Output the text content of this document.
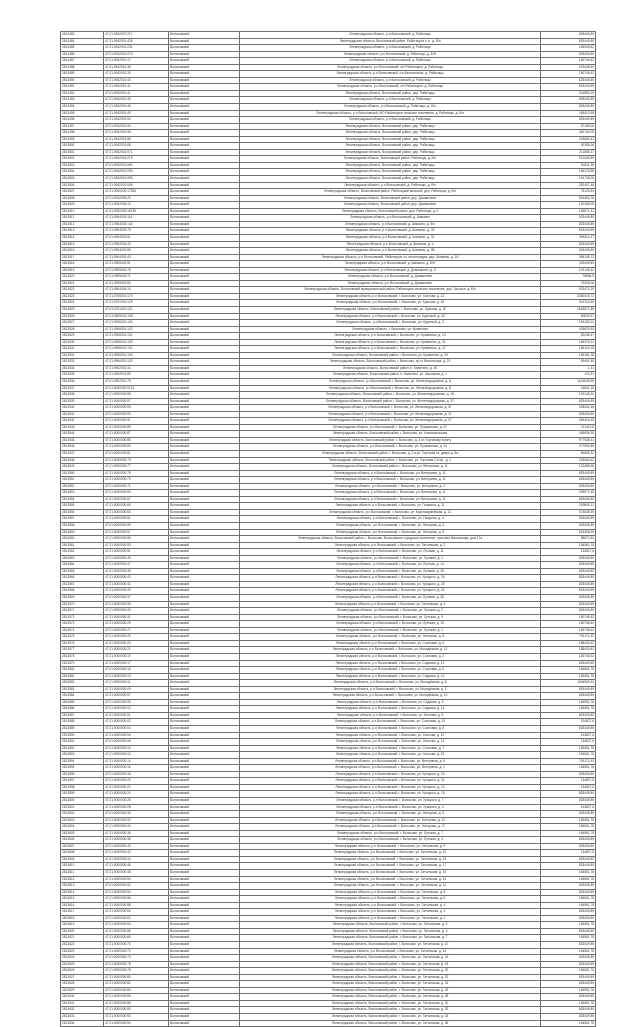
2813483	47:21:0942007:217	Волосовский	Ленинградская область, р-н Волосовский, д. Рабитицы	825449,89
2813484	47:21:0942001:426	Волосовский	Ленинградская область, Волосовский район, Рабитицкое с.п., д. Б/н	825449,89
2813485	47:21:0942001:231	Волосовский	Ленинградская область, р-н Волосовский, д. Рабитицы	186005,62
2813486	47:21:0942001:076	Волосовский	Ленинградская область, р-н Волосовский, д. Рабитицы, д. Б/Н	825449,89
2813487	47:21:0942001:17	Волосовский	Ленинградская область, р-н Волосовский, д. Рабитицы	180746,62
2813488	47:21:0942001:38	Волосовский	Ленинградская область, р-н Волосовский, с/п Рабитицкое, д. Рабитицы	423448,69
2813489	47:21:0942001:39	Волосовский	Ленинградская область, р-н Волосовский, с/п Калитинское, д. Рабитицы	180746,62
2813490	47:21:0942001:40	Волосовский	Ленинградская область, р-н Волосовский, д. Рабитицы	825449,89
2813491	47:21:0942001:41	Волосовский	Ленинградская область, р-н Волосовский, с/п Рабитицкое, д. Рабитицы	825449,89
2813492	47:21:0942001:41	Волосовский	Ленинградская область, Волосовский район, дер. Рабитицы	316850,19
2813493	47:21:0942001:45	Волосовский	Ленинградская область, р-н Волосовский, д. Рабитицы	825449,89
2813494	47:21:0942001:46	Волосовский	Ленинградская область, р-н Волосовский, д. Рабитицы, д. Б/н	825449,89
2813495	47:21:0942001:49	Волосовский	Ленинградская область, р-н Волосовский, МО Рабитицкое сельское поселение, д. Рабитицы, д. б/н	188110,58
2813496	47:21:0942001:50	Волосовский	Ленинградская область, р-н Волосовский, д. Рабитицы	825449,89
2813497	47:21:0942001:54	Волосовский	Ленинградская область, Волосовский район, дер. Рабитицы	87185,06
2813498	47:21:0942001:55	Волосовский	Ленинградская область, Волосовский район, дер. Рабитицы	481740,06
2813499	47:21:0942001:58	Волосовский	Ленинградская область, Волосовский район, дер. Рабитицы	233650,41
2813500	47:21:0942001:66	Волосовский	Ленинградская область, Волосовский район, дер. Рабитицы	90185,06
2813501	47:21:0942001:071	Волосовский	Ленинградская область, Волосовский район, дер. Рабитицы	211658,37
2813502	47:21:0942001:075	Волосовский	Ленинградская область, Волосовский район, Рабитицы, д. б/н	312449,89
2813503	47:21:0942001:080	Волосовский	Ленинградская область, Волосовский район, дер. Рабитицы	80311,36
2813504	47:21:0942001:090	Волосовский	Ленинградская область, Волосовский район, дер. Рабитицы	156178,88
2813505	47:21:0942001:095	Волосовский	Ленинградская область, Волосовский район, дер. Рабитицы	181738,05
2813506	47:21:0942001:096	Волосовский	Ленинградская область, р-н Волосовский, д. Рабитицы, д. б/н	252447,46
2813507	47:21:0000000:17283	Волосовский	Ленинградская область, Волосовский район, Рабитицкий вольный, дер. Рабитицы, д. б/н	75128,53
2813508	47:21:0942005:20	Волосовский	Ленинградская область, Волосовский район, дер. Домашнево	561463,76
2813509	47:21:0942005:10	Волосовский	Ленинградская область, Волосовский район, дер. Домашнево	100185,06
2813510	47:21:0000000:18745	Волосовский	Ленинградская область, Волосовский район, дер. Рабитицы, д. 5	184871,31
2813511	47:21:0904003:114	Волосовский	Ленинградская область, р-н Волосовский, д. Шапкино	923449,89
2813512	47:21:0904003:144	Волосовский	Ленинградская область, р-н Волосовский, д. Шапкино, д. б/н	825449,89
2813513	47:21:0904003:79	Волосовский	Ленинградская область, р-н Волосовский, д. Шапкино, д. 33	825449,89
2813514	47:21:0904003:91	Волосовский	Ленинградская область, р-н Волосовский, д. Шапкино, д. 32	368114,47
2813515	47:21:0904003:43	Волосовский	Ленинградская область, р-н Волосовский, д. Шапкино, д. 4	825449,89
2813516	47:21:0904002:88	Волосовский	Ленинградская область, р-н Волосовский, д. Шапкино, д. 98	825449,89
2813517	47:21:0904002:43	Волосовский	Ленинградская область, р-н Волосовский, Рабитицкое сп, лесопосадка, дер. Шапкино, д. 16	368135,12
2813518	47:21:0905002:91	Волосовский	Ленинградская область, р-н Волосовский, д. Шапкино, д. Б/Н	425449,89
2813519	47:21:0905002:76	Волосовский	Ленинградская область, р-н Волосовский, д. Домашнево, д. 5	102148,32
2813520	47:21:0905002:71	Волосовский	Ленинградская область, р-н Волосовский, д. Домашнево	78808,9
2813521	47:21:0905002:82	Волосовский	Ленинградская область, р-н Волосовский, д. Домашнево	79318,06
2813522	47:21:0904004:14	Волосовский	Ленинградская область, Волосовский муниципальный район, Рабитицкое сельское поселение, дер. Засосье, д. Б/н	575471,29
2813523	47:21:0705001:170	Волосовский	Ленинградская область, р-н Волосовский, г. Волосово, ул. Хохлова, д. 12	2280318,72
2813524	47:21:0701001:129	Волосовский	Ленинградская область, р-н Волосовский, г. Волосово, ул. Красная, д. 18	547116,65
2813525	47:21:0701001:121	Волосовский	Ленинградская область, Волосовский район, г. Волосово, ул. Красная, д. 20	2618571,85
2813526	47:21:0509001:108	Волосовский	Ленинградская область, р-н Волосовский, г. Волосово, ул. Крупской, д. 32	90833,97
2813527	47:21:0906001:134	Волосовский	Ленинградская область, р-н Волосовский, г. Волосово, ул. Крупской, д. 3	154160,12
2813528	47:21:0906001:102	Волосовский	Ленинградская область, г. Волосово, ул. Кравченко	433629,93
2813529	47:21:0906001:101	Волосовский	Ленинградская область, р-н Волосовский, г. Волосово, ул. Кравченко, д. 14	50448,47
2813530	47:21:0906001:109	Волосовский	Ленинградская область, р-н Волосовский, г. Волосово, ул. Кравченко, д. 41	186376,12
2813531	47:21:0906001:132	Волосовский	Ленинградская область, р-н Волосовский, г. Волосово, ул. Кравченко, д. 47	185120,18
2813532	47:21:0906001:103	Волосовский	Ленинградская область, Волосовский район, г. Волосово, ул. Кравченко, д. 29	156181,28
2813533	47:21:0906001:102	Волосовский	Ленинградская область, Волосовский район, г. Волосово, пр-кт Вингиссара, д. 23	99401,55
2813534	47:21:0902001:44	Волосовский	Ленинградская область, Волосовский район, п. Калитино, д. 45	1,41
2813535	47:21:0902001:89	Волосовский	Ленинградская область, Волосовский район, п. Калитино, ул. Школьная, д. 1	124,91
2813536	47:21:0902001:75	Волосовский	Ленинградская область, р-н Волосовский, г. Волосово, ул. Железнодорожная, д. 8	1644649,99
2813537	47:21:0000000:9741	Волосовский	Ленинградская область, р-н Волосовский, г. Волосово, ул. Железнодорожная, д. 8	15641,18
2813538	47:21:0000000:98	Волосовский	Ленинградская область, Волосовский район, г. Волосово, ул. Железнодорожная, д. 18	102148,32
2813539	47:21:0000000:97	Волосовский	Ленинградская область, Волосовский район, г. Волосово, ул. Железнодорожная, д. 37	825449,89
2813540	47:21:0000000:95	Волосовский	Ленинградская область, р-н Волосовский, г. Волосово, ул. Железнодорожная, д. 37	928332,48
2813541	47:21:0000000:93	Волосовский	Ленинградская область, р-н Волосовский, г. Волосово, ул. Железнодорожная, д. 37	825449,89
2813542	47:21:0000000:91	Волосовский	Ленинградская область, р-н Волосовский, г. Волосово, ул. Железнодорожная, д. 47	983416,45
2813543	47:21:0000000:89	Волосовский	Ленинградская область, р-н Волосовский, г. Волосово, ул. Пушкинская, д. 47	211410,8
2813544	47:21:0000000:87	Волосовский	Ленинградская область, Волосовский район, г. Волосово, ул. Комсомольская	499936,95
2813545	47:21:0000000:85	Волосовский	Ленинградская область, Волосовский район, г. Волосово, д. 4 по Торговому пункту	977928,41
2813546	47:21:0000000:83	Волосовский	Ленинградская область, р-н Волосовский, г. Волосово, ул. Пушкинская, д. 14	477992,85
2813547	47:21:0000000:81	Волосовский	Ленинградская область, Волосовский район, г. Волосово, д. 2 в ул. Торговая кл. двери д. 8а	80685,32
2813548	47:21:0000000:79	Волосовский	Ленинградская область, Волосовский район, г. Волосово, ул. Торговая 2-й пр., д. 1	225064,62
2813549	47:21:0000000:77	Волосовский	Ленинградская область, Волосовский район, г. Волосово, ул. Ветеранов, д. 11	132485,58
2813550	47:21:0000000:75	Волосовский	Ленинградская область, р-н Волосовский, г. Волосово, ул. Ветеранов, д. 11	825449,89
2813551	47:21:0000000:73	Волосовский	Ленинградская область, р-н Волосовский, г. Волосово, ул. Ветеранов, д. 11	825449,89
2813552	47:21:0000000:71	Волосовский	Ленинградская область, р-н Волосовский, г. Волосово, ул. Ветеранов, д. 2	825449,89
2813553	47:21:0000000:69	Волосовский	Ленинградская область, р-н Волосовский, г. Волосово, ул. Ветеранов, д. 11	209971,56
2813554	47:21:0000000:67	Волосовский	Ленинградская область, р-н Волосовский, г. Волосово, ул. Ветеранов, д. 11	825449,89
2813555	47:21:0000000:65	Волосовский	Ленинградская область, р-н Волосовский, г. Волосово, ул. Гагарина, д. 11	289845,11
2813556	47:21:0000000:63	Волосовский	Ленинградская область, р-н Волосовский, г. Волосово, ул. Красноармейская, д. 11	574635,99
2813557	47:21:0000000:61	Волосовский	Ленинградская область, р-н Волосовский, г. Волосово, ул. Гагарина, д. 4	825449,89
2813558	47:21:0000000:59	Волосовский	Ленинградская область, р-н Волосовский, г. Волосово, ул. Нагорная, д. 4	825449,89
2813559	47:21:0000000:57	Волосовский	Ленинградская область, р-н Волосовский, г. Волосово, ул. Нагорная, д. 9	616408,99
2813560	47:21:0000000:55	Волосовский	Ленинградская область, Волосовский район, г. Волосово, Волосовское городское поселение, проспект Вингиссара, дом 17а	85872,53
2813561	47:21:0000000:53	Волосовский	Ленинградская область, р-н Волосовский, г. Волосово, ул. Гатчинская, д. 2	184561,78
2813562	47:21:0000000:51	Волосовский	Ленинградская область, р-н Волосовский, г. Волосово, ул. Луговая, д. 11	134827,6
2813563	47:21:0000000:49	Волосовский	Ленинградская область, р-н Волосовский, г. Волосово, ул. Луговая, д. 2	825449,89
2813564	47:21:0000000:47	Волосовский	Ленинградская область, р-н Волосовский, г. Волосово, ул. Лутская, д. 14	825449,89
2813565	47:21:0000000:45	Волосовский	Ленинградская область, р-н Волосовский, г. Волосово, ул. Луговая, д. 25	825449,89
2813566	47:21:0000000:43	Волосовский	Ленинградская область, р-н Волосовский, г. Волосово, ул. Урицкого, д. 26	825449,89
2813567	47:21:0000000:41	Волосовский	Ленинградская область, р-н Волосовский, г. Волосово, ул. Урицкого, д. 26	825449,89
2813568	47:21:0000000:39	Волосовский	Ленинградская область, р-н Волосовский, г. Волосово, ул. Урицкого, д. 31	825449,89
2813569	47:21:0000000:37	Волосовский	Ленинградская область, р-н Волосовский, г. Волосово, ул. Луговая, д. 35	825449,89
2813570	47:21:0000000:35	Волосовский	Ленинградская область, р-н Волосовский, г. Волосово, ул. Гатчинская, д. 4	825449,89
2813571	47:21:0000000:33	Волосовский	Ленинградская область, р-н Волосовский, г. Волосово, ул. Лутская, д. 2	825449,89
2813572	47:21:0000000:31	Волосовский	Ленинградская область, р-н Волосовский, г. Волосово, ул. Лутская, д. 9	180746,62
2813573	47:21:0000000:29	Волосовский	Ленинградская область, р-н Волосовский, г. Волосово, ул. Лутская, д. 19	180746,62
2813574	47:21:0000000:27	Волосовский	Ленинградская область, р-н Волосовский, г. Волосово, ул. Лутская, д. 2	180746,62
2813575	47:21:0000000:25	Волосовский	Ленинградская область, р-н Волосовский, г. Волосово, ул. Нагорная, д. 8	791171,92
2813576	47:21:0000000:23	Волосовский	Ленинградская область, р-н Волосовский, г. Волосово, ул. Сосновая, д. 6	188430,62
2813577	47:21:0000000:21	Волосовский	Ленинградская область, р-н Волосовский, г. Волосово, ул. Молодёжная, д. 12	188430,62
2813578	47:21:0000000:19	Волосовский	Ленинградская область, р-н Волосовский, г. Волосово, ул. Сосновая, д. 2	180746,62
2813579	47:21:0000000:17	Волосовский	Ленинградская область, р-н Волосовский, г. Волосово, ул. Садовая, д. 12	825449,89
2813580	47:21:0000000:15	Волосовский	Ленинградская область, р-н Волосовский, г. Волосово, ул. Сосновая, д. 6	184561,78
2813581	47:21:0000000:13	Волосовский	Ленинградская область, р-н Волосовский, г. Волосово, ул. Садовая, д. 10	184561,78
2813582	47:21:0000000:11	Волосовский	Ленинградская область, р-н Волосовский, г. Волосово, ул. Молодёжная, д. 8	1604969,43
2813583	47:21:0000000:09	Волосовский	Ленинградская область, р-н Волосовский, г. Волосово, ул. Молодёжная, д. 5	825449,89
2813584	47:21:0000000:07	Волосовский	Ленинградская область, р-н Волосовский, г. Волосово, ул. Молодёжная, д. 10	825449,89
2813585	47:21:0000000:05	Волосовский	Ленинградская область, р-н Волосовский, г. Волосово, ул. Садовая, д. 5	184561,78
2813586	47:21:0000000:03	Волосовский	Ленинградская область, р-н Волосовский, г. Волосово, ул. Садовая, д. 14	184561,78
2813587	47:21:0000000:01	Волосовский	Ленинградская область, р-н Волосовский, г. Волосово, ул. Хохлова, д. 5	825449,89
2813588	47:21:0000000:02	Волосовский	Ленинградская область, р-н Волосовский, г. Волосово, ул. Сосновая, д. 10	134827,6
2813589	47:21:0000000:04	Волосовский	Ленинградская область, р-н Волосовский, г. Волосово, ул. Сосновая, д. 5	825449,89
2813590	47:21:0000000:06	Волосовский	Ленинградская область, р-н Волосовский, г. Волосово, ул. Хохлова, д. 12	134827,6
2813591	47:21:0000000:08	Волосовский	Ленинградская область, р-н Волосовский, г. Волосово, ул. Хохлова, д. 11	134827,6
2813592	47:21:0000000:10	Волосовский	Ленинградская область, р-н Волосовский, г. Волосово, ул. Сосновая, д. 7	184561,78
2813593	47:21:0000000:12	Волосовский	Ленинградская область, р-н Волосовский, г. Волосово, ул. Хохлова, д. 23	184561,78
2813594	47:21:0000000:14	Волосовский	Ленинградская область, р-н Волосовский, г. Волосово, ул. Ветеранов, д. 6	791171,92
2813595	47:21:0000000:16	Волосовский	Ленинградская область, р-н Волосовский, г. Волосово, ул. Ветеранов, д. 1	184561,78
2813596	47:21:0000000:18	Волосовский	Ленинградская область, р-н Волосовский, г. Волосово, ул. Урицкого, д. 22	825449,89
2813597	47:21:0000000:20	Волосовский	Ленинградская область, р-н Волосовский, г. Волосово, ул. Урицкого, д. 31	134827,6
2813598	47:21:0000000:22	Волосовский	Ленинградская область, р-н Волосовский, г. Волосово, ул. Урицкого, д. 12	134827,6
2813599	47:21:0000000:24	Волосовский	Ленинградская область, р-н Волосовский, г. Волосово, ул. Урицкого, д. 15	825449,89
2813600	47:21:0000000:26	Волосовский	Ленинградская область, р-н Волосовский, г. Волосово, ул. Урицкого, д. 7	825449,89
2813601	47:21:0000000:28	Волосовский	Ленинградская область, р-н Волосовский, г. Волосово, ул. Урицкого, д. 4	134827,6
2813602	47:21:0000000:30	Волосовский	Ленинградская область, р-н Волосовский, г. Волосово, ул. Нагорная, д. 6	825449,89
2813603	47:21:0000000:32	Волосовский	Ленинградская область, р-н Волосовский, г. Волосово, ул. Нагорная, д. 12	184561,78
2813604	47:21:0000000:34	Волосовский	Ленинградская область, р-н Волосовский, г. Волосово, ул. Нагорная, д. 17	184561,78
2813605	47:21:0000000:36	Волосовский	Ленинградская область, р-н Волосовский, г. Волосово, ул. Лутская, д. 7	184561,78
2813606	47:21:0000000:38	Волосовский	Ленинградская область, р-н Волосовский, г. Волосово, ул. Лутская, д. 4	825449,89
2813607	47:21:0000000:40	Волосовский	Ленинградская область, р-н Волосовский, г. Волосово, ул. Гатчинская, д. 9	825449,89
2813608	47:21:0000000:42	Волосовский	Ленинградская область, р-н Волосовский, г. Волосово, ул. Гатчинская, д. 12	134827,6
2813609	47:21:0000000:44	Волосовский	Ленинградская область, р-н Волосовский, г. Волосово, ул. Гатчинская, д. 23	825449,89
2813610	47:21:0000000:46	Волосовский	Ленинградская область, р-н Волосовский, г. Волосово, ул. Гатчинская, д. 17	825449,89
2813611	47:21:0000000:48	Волосовский	Ленинградская область, р-н Волосовский, г. Волосово, ул. Гатчинская, д. 15	184561,78
2813612	47:21:0000000:50	Волосовский	Ленинградская область, р-н Волосовский, г. Волосово, ул. Гатчинская, д. 13	184561,78
2813613	47:21:0000000:52	Волосовский	Ленинградская область, р-н Волосовский, г. Волосово, ул. Гатчинская, д. 11	825449,89
2813614	47:21:0000000:54	Волосовский	Ленинградская область, р-н Волосовский, г. Волосово, ул. Гатчинская, д. 8	825449,89
2813615	47:21:0000000:56	Волосовский	Ленинградская область, р-н Волосовский, г. Волосово, ул. Гатчинская, д. 6	184561,78
2813616	47:21:0000000:58	Волосовский	Ленинградская область, р-н Волосовский, г. Волосово, ул. Гатчинская, д. 4	184561,78
2813617	47:21:0000000:60	Волосовский	Ленинградская область, р-н Волосовский, г. Волосово, ул. Гатчинская, д. 2	825449,89
2813618	47:21:0000000:62	Волосовский	Ленинградская область, р-н Волосовский, г. Волосово, ул. Гатчинская, д. 1	825449,89
2813619	47:21:0000000:64	Волосовский	Ленинградская область, Волосовский район, г. Волосово, ул. Гатчинская, д. 5	184561,78
2813620	47:21:0000000:66	Волосовский	Ленинградская область, Волосовский район, г. Волосово, ул. Гатчинская, д. 3	825449,89
2813621	47:21:0000000:68	Волосовский	Ленинградская область, Волосовский район, г. Волосово, ул. Гатчинская, д. 7	184561,78
2813622	47:21:0000000:70	Волосовский	Ленинградская область, Волосовский район, г. Волосово, ул. Гатчинская, д. 10	825449,89
2813623	47:21:0000000:72	Волосовский	Ленинградская область, р-н Волосовский, г. Волосово, ул. Гатчинская, д. 14	184561,78
2813624	47:21:0000000:74	Волосовский	Ленинградская область, Волосовский район, г. Волосово, ул. Гатчинская, д. 16	825449,89
2813625	47:21:0000000:76	Волосовский	Ленинградская область, Волосовский район, г. Волосово, ул. Гатчинская, д. 18	825449,89
2813626	47:21:0000000:78	Волосовский	Ленинградская область, Волосовский район, г. Волосово, ул. Гатчинская, д. 20	184561,78
2813627	47:21:0000000:80	Волосовский	Ленинградская область, Волосовский район, г. Волосово, ул. Гатчинская, д. 22	825449,89
2813628	47:21:0000000:82	Волосовский	Ленинградская область, Волосовский район, г. Волосово, ул. Гатчинская, д. 24	825449,89
2813629	47:21:0000000:84	Волосовский	Ленинградская область, Волосовский район, г. Волосово, ул. Гатчинская, д. 26	184561,78
2813630	47:21:0000000:86	Волосовский	Ленинградская область, Волосовский район, г. Волосово, ул. Гатчинская, д. 28	825449,89
2813631	47:21:0000000:88	Волосовский	Ленинградская область, Волосовский район, г. Волосово, ул. Гатчинская, д. 30	184561,78
2813632	47:21:0000000:90	Волосовский	Ленинградская область, Волосовский район, г. Волосово, ул. Гатчинская, д. 32	825449,89
2813633	47:21:0000000:92	Волосовский	Ленинградская область, Волосовский район, г. Волосово, ул. Гатчинская, д. 34	825449,89
2813634	47:21:0000000:94	Волосовский	Ленинградская область, Волосовский район, г. Волосово, ул. Гатчинская, д. 36	184561,78
